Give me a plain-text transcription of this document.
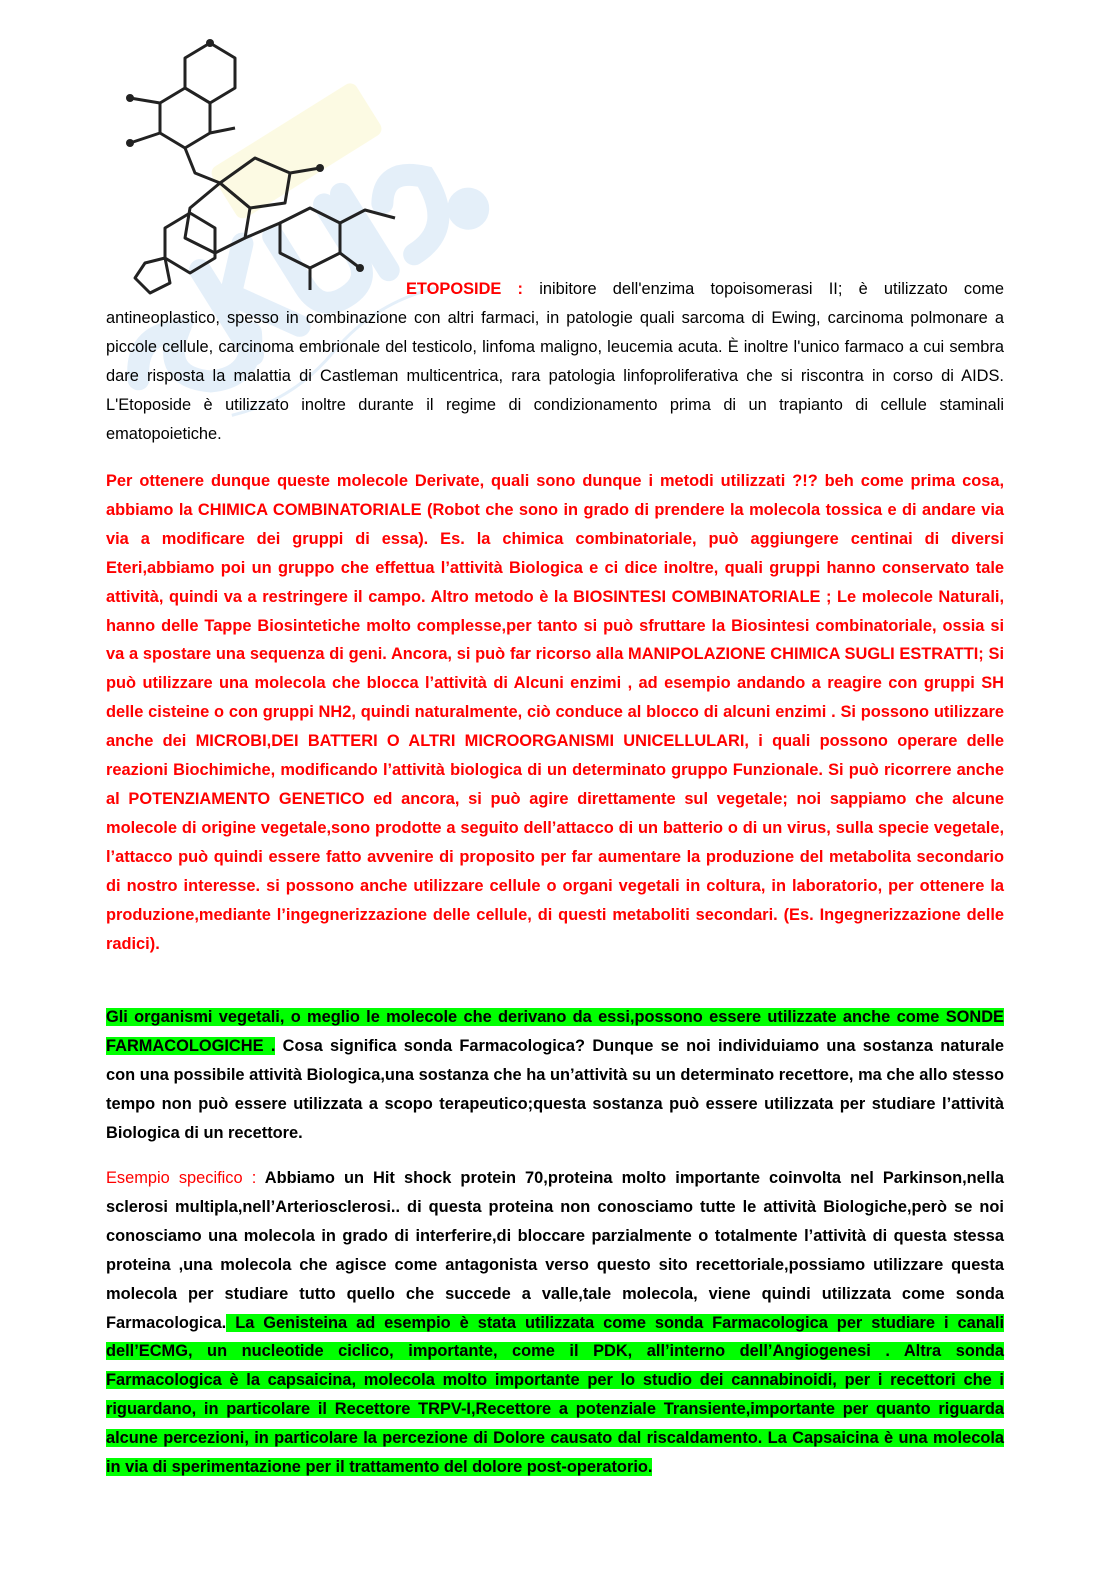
ETOPOSIDE : inibitore dell'enzima topoisomerasi II; è utilizzato come antineoplastico, spesso in combinazione con altri farmaci, in patologie quali sarcoma di Ewing, carcinoma polmonare a piccole cellule, carcinoma embrionale del testicolo, linfoma maligno, leucemia acuta. È inoltre l'unico farmaco a cui sembra dare risposta la malattia di Castleman multicentrica, rara patologia linfoproliferativa che si riscontra in corso di AIDS. L'Etoposide è utilizzato inoltre durante il regime di condizionamento prima di un trapianto di cellule staminali ematopoietiche.

Per ottenere dunque queste molecole Derivate, quali sono dunque i metodi utilizzati ?!? beh come prima cosa, abbiamo la CHIMICA COMBINATORIALE (Robot che sono in grado di prendere la molecola tossica e di andare via via a modificare dei gruppi di essa). Es. la chimica combinatoriale, può aggiungere centinai di diversi Eteri,abbiamo poi un gruppo che effettua l’attività Biologica e ci dice inoltre, quali gruppi hanno conservato tale attività, quindi va a restringere il campo. Altro metodo è la BIOSINTESI COMBINATORIALE ; Le molecole Naturali, hanno delle Tappe Biosintetiche molto complesse,per tanto si può sfruttare la Biosintesi combinatoriale, ossia si va a spostare una sequenza di geni. Ancora, si può far ricorso alla MANIPOLAZIONE CHIMICA SUGLI ESTRATTI; Si può utilizzare una molecola che blocca l’attività di Alcuni enzimi , ad esempio andando a reagire con gruppi SH delle cisteine o con gruppi NH2, quindi naturalmente, ciò conduce al blocco di alcuni enzimi . Si possono utilizzare anche dei MICROBI,DEI BATTERI O ALTRI MICROORGANISMI UNICELLULARI, i quali possono operare delle reazioni Biochimiche, modificando l’attività biologica di un determinato gruppo Funzionale. Si può ricorrere anche al POTENZIAMENTO GENETICO ed ancora, si può agire direttamente sul vegetale; noi sappiamo che alcune molecole di origine vegetale,sono prodotte a seguito dell’attacco di un batterio o di un virus, sulla specie vegetale, l’attacco può quindi essere fatto avvenire di proposito per far aumentare la produzione del metabolita secondario di nostro interesse. si possono anche utilizzare cellule o organi vegetali in coltura, in laboratorio, per ottenere la produzione,mediante l’ingegnerizzazione delle cellule, di questi metaboliti secondari. (Es. Ingegnerizzazione delle radici).

Gli organismi vegetali, o meglio le molecole che derivano da essi,possono essere utilizzate anche come SONDE FARMACOLOGICHE . Cosa significa sonda Farmacologica? Dunque se noi individuiamo una sostanza naturale con una possibile attività Biologica,una sostanza che ha un’attività su un determinato recettore, ma che allo stesso tempo non può essere utilizzata a scopo terapeutico;questa sostanza può essere utilizzata per studiare l’attività Biologica di un recettore.

Esempio specifico : Abbiamo un Hit shock protein 70,proteina molto importante coinvolta nel Parkinson,nella sclerosi multipla,nell’Arteriosclerosi.. di questa proteina non conosciamo tutte le attività Biologiche,però se noi conosciamo una molecola in grado di interferire,di bloccare parzialmente o totalmente l’attività di questa stessa proteina ,una molecola che agisce come antagonista verso questo sito recettoriale,possiamo utilizzare questa molecola per studiare tutto quello che succede a valle,tale molecola, viene quindi utilizzata come sonda Farmacologica. La Genisteina ad esempio è stata utilizzata come sonda Farmacologica per studiare i canali dell’ECMG, un nucleotide ciclico, importante, come il PDK, all’interno dell’Angiogenesi . Altra sonda Farmacologica è la capsaicina, molecola molto importante per lo studio dei cannabinoidi, per i recettori che i riguardano, in particolare il Recettore TRPV-I,Recettore a potenziale Transiente,importante per quanto riguarda alcune percezioni, in particolare la percezione di Dolore causato dal riscaldamento. La Capsaicina è una molecola in via di sperimentazione per il trattamento del dolore post-operatorio.
